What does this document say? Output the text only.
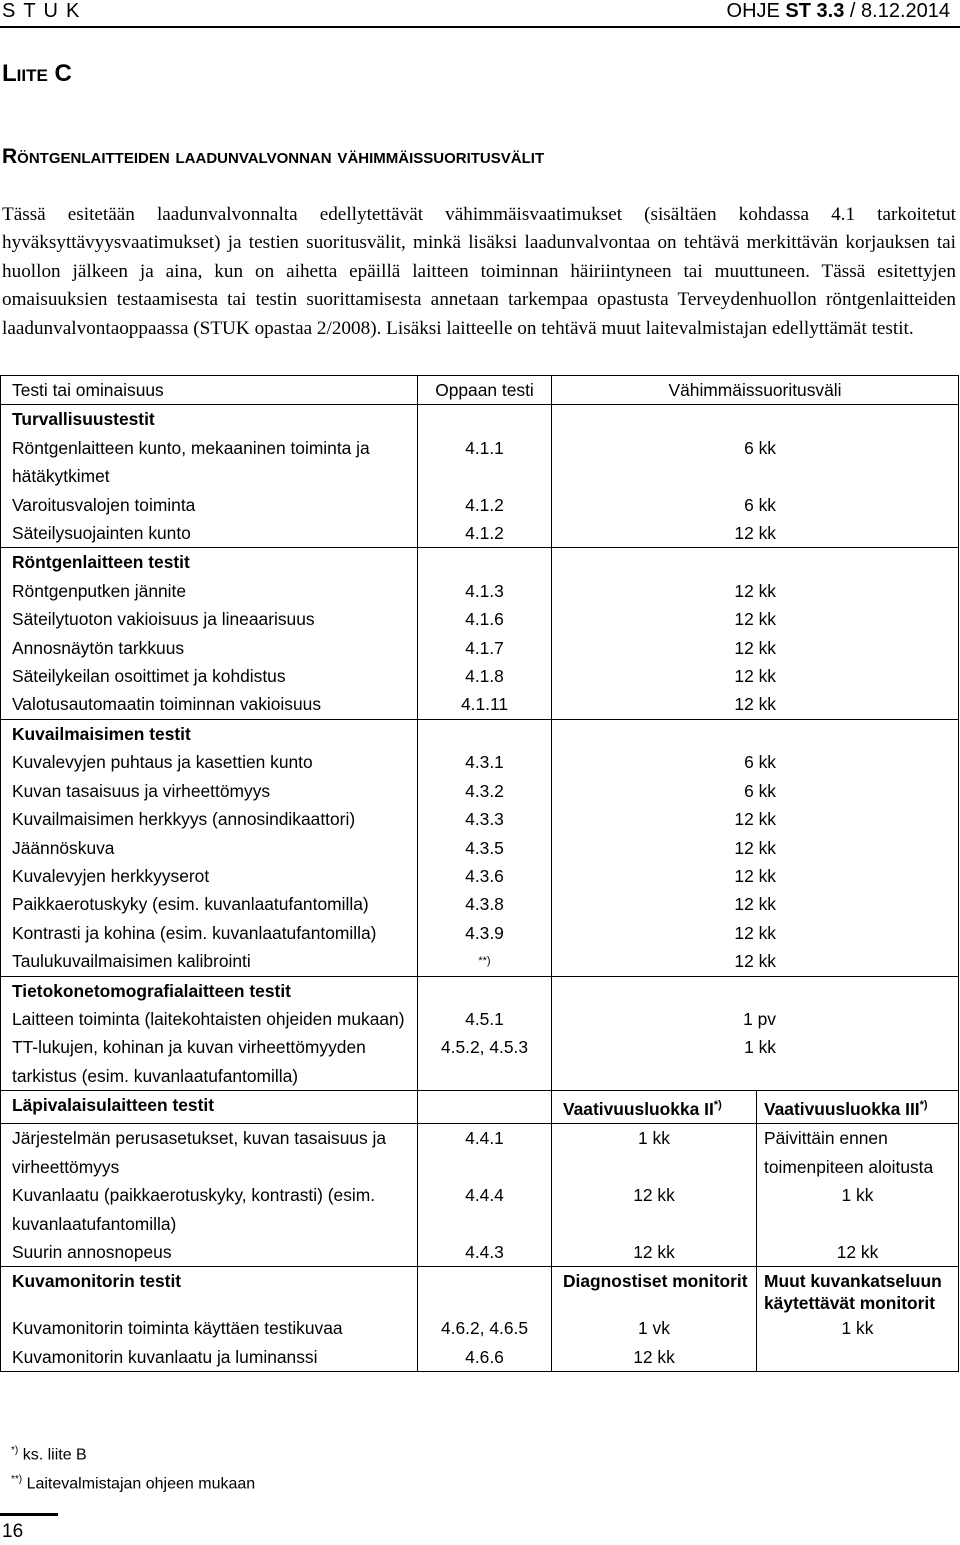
STUK	OHJE ST 3.3 / 8.12.2014
Liite C
Röntgenlaitteiden laadunvalvonnan vähimmäissuoritusvälit

Tässä esitetään laadunvalvonnalta edellytettävät vähimmäisvaatimukset (sisältäen kohdassa 4.1 tarkoitetut hyväksyttävyysvaatimukset) ja testien suoritusvälit, minkä lisäksi laadunvalvontaa on tehtävä merkittävän korjauksen tai huollon jälkeen ja aina, kun on aihetta epäillä laitteen toiminnan häiriintyneen tai muuttuneen. Tässä esitettyjen omaisuuksien testaamisesta tai testin suorittamisesta annetaan tarkempaa opastusta Terveydenhuollon röntgenlaitteiden laadunvalvontaoppaassa (STUK opastaa 2/2008). Lisäksi laitteelle on tehtävä muut laitevalmistajan edellyttämät testit.

Testi tai ominaisuus	Oppaan testi	Vähimmäissuoritusväli	
Turvallisuustestit			
Röntgenlaitteen kunto, mekaaninen toiminta ja hätäkytkimet	4.1.1	6 kk	
Varoitusvalojen toiminta	4.1.2	6 kk	
Säteilysuojainten kunto	4.1.2	12 kk	
Röntgenlaitteen testit			
Röntgenputken jännite	4.1.3	12 kk	
Säteilytuoton vakioisuus ja lineaarisuus	4.1.6	12 kk	
Annosnäytön tarkkuus	4.1.7	12 kk	
Säteilykeilan osoittimet ja kohdistus	4.1.8	12 kk	
Valotusautomaatin toiminnan vakioisuus	4.1.11	12 kk	
Kuvailmaisimen testit			
Kuvalevyjen puhtaus ja kasettien kunto	4.3.1	6 kk	
Kuvan tasaisuus ja virheettömyys	4.3.2	6 kk	
Kuvailmaisimen herkkyys (annosindikaattori)	4.3.3	12 kk	
Jäännöskuva	4.3.5	12 kk	
Kuvalevyjen herkkyyserot	4.3.6	12 kk	
Paikkaerotuskyky (esim. kuvanlaatufantomilla)	4.3.8	12 kk	
Kontrasti ja kohina (esim. kuvanlaatufantomilla)	4.3.9	12 kk	
Taulukuvailmaisimen kalibrointi	**)	12 kk	
Tietokonetomografialaitteen testit			
Laitteen toiminta (laitekohtaisten ohjeiden mukaan)	4.5.1	1 pv	
TT-lukujen, kohinan ja kuvan virheettömyyden tarkistus (esim. kuvanlaatufantomilla)	4.5.2, 4.5.3	1 kk	
Läpivalaisulaitteen testit		Vaativuusluokka II*)	Vaativuusluokka III*)
Järjestelmän perusasetukset, kuvan tasaisuus ja virheettömyys	4.4.1	1 kk	Päivittäin ennen toimenpiteen aloitusta
Kuvanlaatu (paikkaerotuskyky, kontrasti) (esim. kuvanlaatufantomilla)	4.4.4	12 kk	1 kk
Suurin annosnopeus	4.4.3	12 kk	12 kk
Kuvamonitorin testit		Diagnostiset monitorit	Muut kuvankatseluun käytettävät monitorit
Kuvamonitorin toiminta käyttäen testikuvaa	4.6.2, 4.6.5	1 vk	1 kk
Kuvamonitorin kuvanlaatu ja luminanssi	4.6.6	12 kk	
*) ks. liite B
**) Laitevalmistajan ohjeen mukaan
16
